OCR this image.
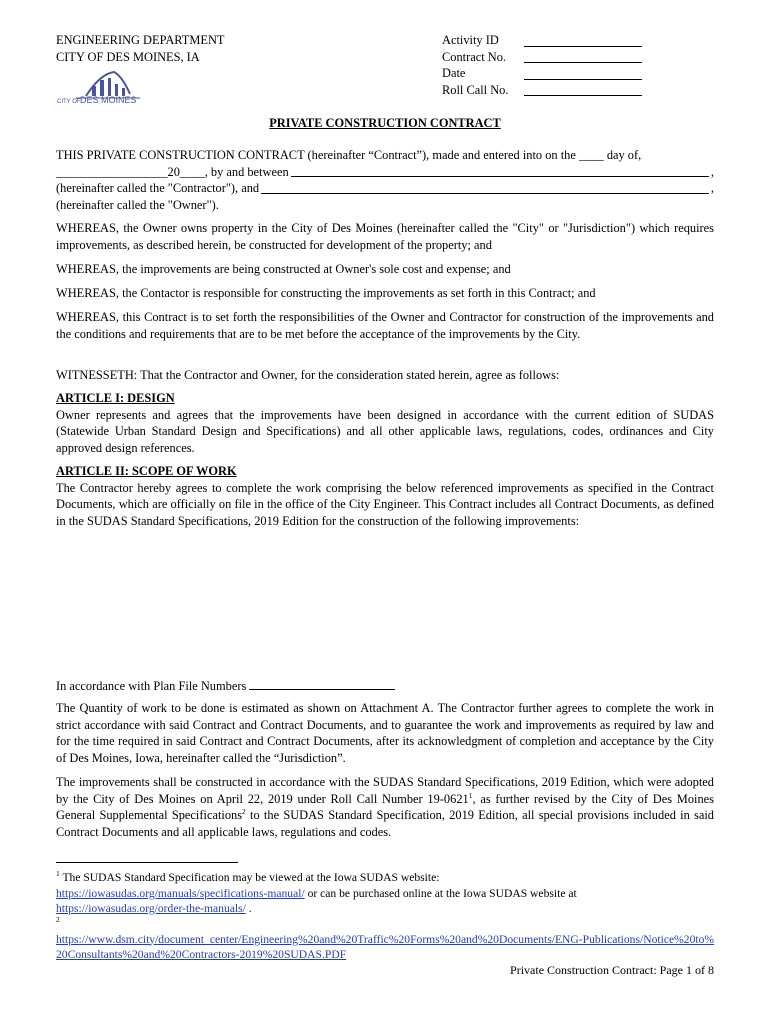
ENGINEERING DEPARTMENT
CITY OF DES MOINES, IA
CITY OF DES MOINES
Activity ID
Contract No.
Date
Roll Call No.
PRIVATE CONSTRUCTION CONTRACT
THIS PRIVATE CONSTRUCTION CONTRACT (hereinafter “Contract”), made and entered into on the ____ day of,
__________________20____, by and between	,
(hereinafter called the "Contractor"), and	,
(hereinafter called the "Owner").
WHEREAS, the Owner owns property in the City of Des Moines (hereinafter called the "City" or "Jurisdiction") which requires improvements, as described herein, be constructed for development of the property; and
WHEREAS, the improvements are being constructed at Owner's sole cost and expense; and
WHEREAS, the Contactor is responsible for constructing the improvements as set forth in this Contract; and
WHEREAS, this Contract is to set forth the responsibilities of the Owner and Contractor for construction of the improvements and the conditions and requirements that are to be met before the acceptance of the improvements by the City.
WITNESSETH: That the Contractor and Owner, for the consideration stated herein, agree as follows:
ARTICLE I: DESIGN
Owner represents and agrees that the improvements have been designed in accordance with the current edition of SUDAS (Statewide Urban Standard Design and Specifications) and all other applicable laws, regulations, codes, ordinances and City approved design references.
ARTICLE II: SCOPE OF WORK
The Contractor hereby agrees to complete the work comprising the below referenced improvements as specified in the Contract Documents, which are officially on file in the office of the City Engineer. This Contract includes all Contract Documents, as defined in the SUDAS Standard Specifications, 2019 Edition for the construction of the following improvements:
In accordance with Plan File Numbers
The Quantity of work to be done is estimated as shown on Attachment A. The Contractor further agrees to complete the work in strict accordance with said Contract and Contract Documents, and to guarantee the work and improvements as required by law and for the time required in said Contract and Contract Documents, after its acknowledgment of completion and acceptance by the City of Des Moines, Iowa, hereinafter called the “Jurisdiction”.
The improvements shall be constructed in accordance with the SUDAS Standard Specifications, 2019 Edition, which were adopted by the City of Des Moines on April 22, 2019 under Roll Call Number 19-0621$^1$, as further revised by the City of Des Moines General Supplemental Specifications$^2$ to the SUDAS Standard Specification, 2019 Edition, all special provisions included in said Contract Documents and all applicable laws, regulations and codes.
$^1$ The SUDAS Standard Specification may be viewed at the Iowa SUDAS website:
https://iowasudas.org/manuals/specifications-manual/ or can be purchased online at the Iowa SUDAS website at
https://iowasudas.org/order-the-manuals/ .
$^2$
https://www.dsm.city/document_center/Engineering%20and%20Traffic%20Forms%20and%20Documents/ENG-Publications/Notice%20to%20Consultants%20and%20Contractors-2019%20SUDAS.PDF
Private Construction Contract: Page 1 of 8
